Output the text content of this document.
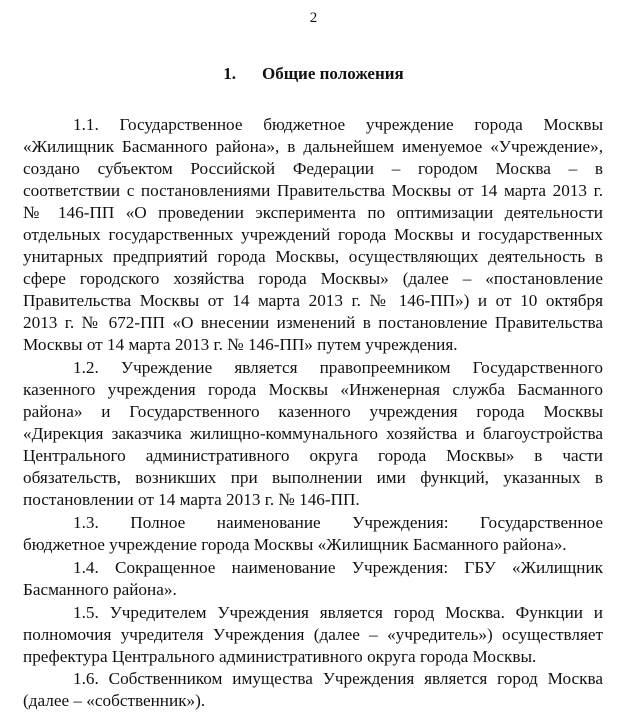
2
1. Общие положения
1.1. Государственное бюджетное учреждение города Москвы
«Жилищник Басманного района», в дальнейшем именуемое «Учреждение»,
создано субъектом Российской Федерации – городом Москва – в
соответствии с постановлениями Правительства Москвы от 14 марта 2013 г.
№ 146-ПП «О проведении эксперимента по оптимизации деятельности
отдельных государственных учреждений города Москвы и государственных
унитарных предприятий города Москвы, осуществляющих деятельность в
сфере городского хозяйства города Москвы» (далее – «постановление
Правительства Москвы от 14 марта 2013 г. № 146-ПП») и от 10 октября
2013 г. № 672-ПП «О внесении изменений в постановление Правительства
Москвы от 14 марта 2013 г. № 146-ПП» путем учреждения.
1.2. Учреждение является правопреемником Государственного
казенного учреждения города Москвы «Инженерная служба Басманного
района» и Государственного казенного учреждения города Москвы
«Дирекция заказчика жилищно-коммунального хозяйства и благоустройства
Центрального административного округа города Москвы» в части
обязательств, возникших при выполнении ими функций, указанных в
постановлении от 14 марта 2013 г. № 146-ПП.
1.3. Полное наименование Учреждения: Государственное
бюджетное учреждение города Москвы «Жилищник Басманного района».
1.4. Сокращенное наименование Учреждения: ГБУ «Жилищник
Басманного района».
1.5. Учредителем Учреждения является город Москва. Функции и
полномочия учредителя Учреждения (далее – «учредитель») осуществляет
префектура Центрального административного округа города Москвы.
1.6. Собственником имущества Учреждения является город Москва
(далее – «собственник»).
